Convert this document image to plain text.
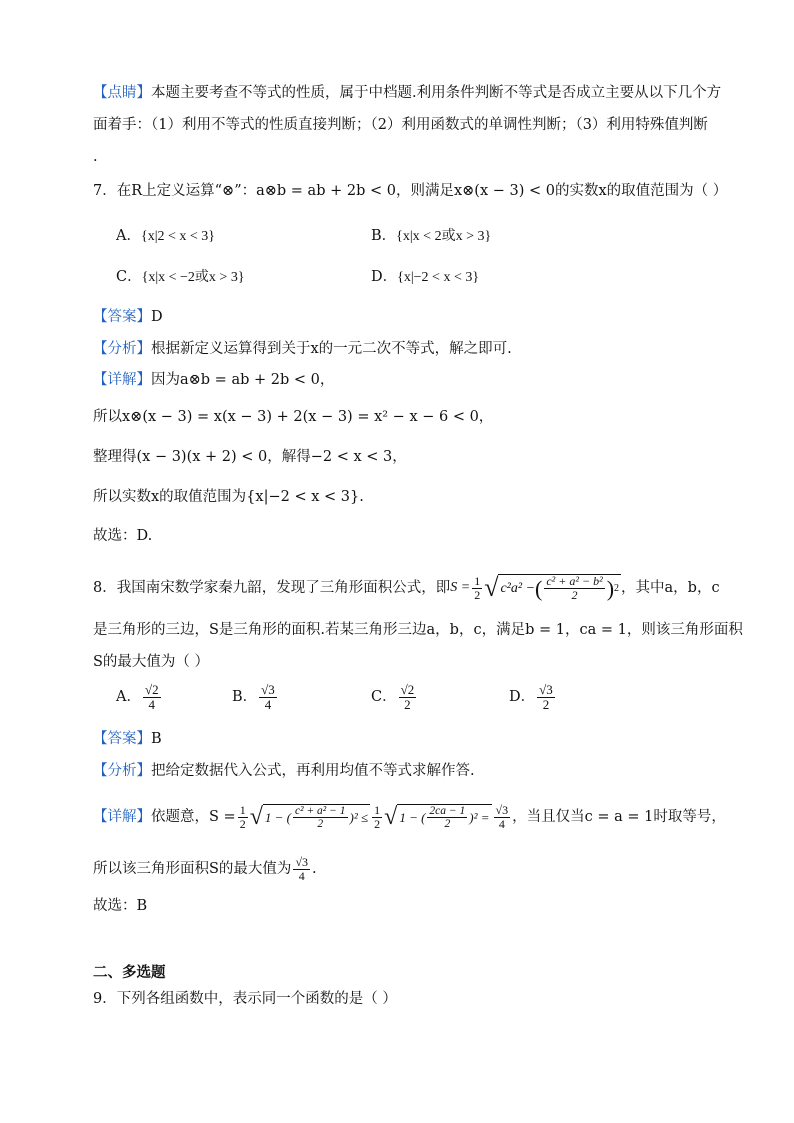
【点睛】本题主要考查不等式的性质，属于中档题.利用条件判断不等式是否成立主要从以下几个方
面着手：（1）利用不等式的性质直接判断；（2）利用函数式的单调性判断；（3）利用特殊值判断
.
7．在R上定义运算“⊗”：a⊗b = ab + 2b < 0，则满足x⊗(x − 3) < 0的实数x的取值范围为（ ）
A．{x|2 < x < 3}	B．{x|x < 2或x > 3}
C．{x|x < −2或x > 3}	D．{x|−2 < x < 3}
【答案】D
【分析】根据新定义运算得到关于x的一元二次不等式，解之即可.
【详解】因为a⊗b = ab + 2b < 0，
所以x⊗(x − 3) = x(x − 3) + 2(x − 3) = x² − x − 6 < 0，
整理得(x − 3)(x + 2) < 0，解得−2 < x < 3，
所以实数x的取值范围为{x|−2 < x < 3}.
故选：D.
8．我国南宋数学家秦九韶，发现了三角形面积公式，即 $S = \frac{1}{2}$ √ c²a² − ( $\frac{\text{c² + a² − b²}}{2}$ ) 2 ，其中a，b，c
是三角形的三边，S是三角形的面积.若某三角形三边a，b，c，满足b = 1，ca = 1，则该三角形面积
S的最大值为（ ）
A． $\frac{√2}{4}$	B． $\frac{√3}{4}$	C． $\frac{√2}{2}$	D． $\frac{√3}{2}$
【答案】B
【分析】把给定数据代入公式，再利用均值不等式求解作答.
【详解】 依题意，$S = \frac{1}{2}$ √ 1 − ( $\frac{\text{c² + a² − 1}}{2} )^2 \le \frac{1}{2}$ √ 1 − ( $\frac{2ca - 1}{2} )^2 = \frac{√3}{4}$ ，当且仅当c = a = 1时取等号，
所以该三角形面积S的最大值为 $\frac{√3}{4}$ .
故选：B
二、多选题
9．下列各组函数中，表示同一个函数的是（ ）
